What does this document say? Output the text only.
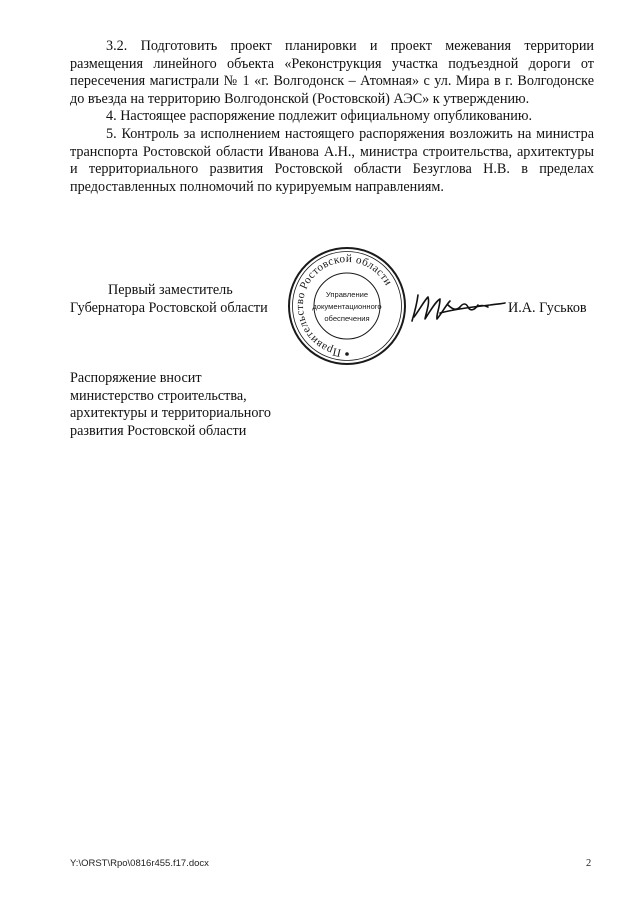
3.2. Подготовить проект планировки и проект межевания территории размещения линейного объекта «Реконструкция участка подъездной дороги от пересечения магистрали № 1 «г. Волгодонск – Атомная» с ул. Мира в г. Волгодонске до въезда на территорию Волгодонской (Ростовской) АЭС» к утверждению.

4. Настоящее распоряжение подлежит официальному опубликованию.

5. Контроль за исполнением настоящего распоряжения возложить на министра транспорта Ростовской области Иванова А.Н., министра строительства, архитектуры и территориального развития Ростовской области Безуглова Н.В. в пределах предоставленных полномочий по курируемым направлениям.

Первый заместитель
Губернатора Ростовской области
Правительство Ростовской области
Управление
документационного
обеспечения
И.А. Гуськов
Распоряжение вносит
министерство строительства,
архитектуры и территориального
развития Ростовской области
Y:\ORST\Rpo\0816r455.f17.docx	2
